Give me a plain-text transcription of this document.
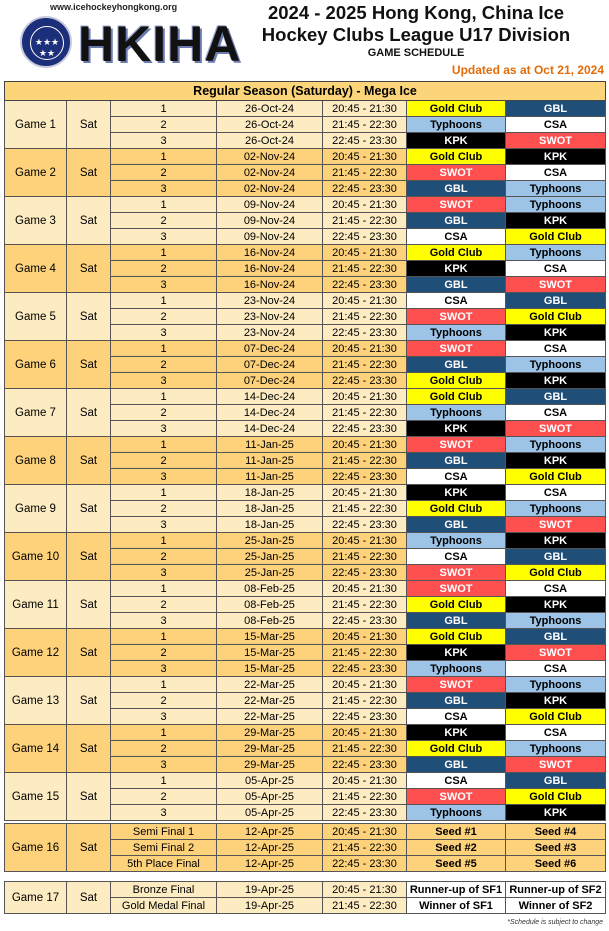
www.icehockeyhongkong.org
★★★
★★ HKIHA
2024 - 2025 Hong Kong, China Ice
Hockey Clubs League U17 Division
GAME SCHEDULE
Updated as at Oct 21, 2024
Regular Season (Saturday) - Mega Ice						
Game 1	Sat	1	26-Oct-24	20:45 - 21:30	Gold Club	GBL
		2	26-Oct-24	21:45 - 22:30	Typhoons	CSA
		3	26-Oct-24	22:45 - 23:30	KPK	SWOT
Game 2	Sat	1	02-Nov-24	20:45 - 21:30	Gold Club	KPK
		2	02-Nov-24	21:45 - 22:30	SWOT	CSA
		3	02-Nov-24	22:45 - 23:30	GBL	Typhoons
Game 3	Sat	1	09-Nov-24	20:45 - 21:30	SWOT	Typhoons
		2	09-Nov-24	21:45 - 22:30	GBL	KPK
		3	09-Nov-24	22:45 - 23:30	CSA	Gold Club
Game 4	Sat	1	16-Nov-24	20:45 - 21:30	Gold Club	Typhoons
		2	16-Nov-24	21:45 - 22:30	KPK	CSA
		3	16-Nov-24	22:45 - 23:30	GBL	SWOT
Game 5	Sat	1	23-Nov-24	20:45 - 21:30	CSA	GBL
		2	23-Nov-24	21:45 - 22:30	SWOT	Gold Club
		3	23-Nov-24	22:45 - 23:30	Typhoons	KPK
Game 6	Sat	1	07-Dec-24	20:45 - 21:30	SWOT	CSA
		2	07-Dec-24	21:45 - 22:30	GBL	Typhoons
		3	07-Dec-24	22:45 - 23:30	Gold Club	KPK
Game 7	Sat	1	14-Dec-24	20:45 - 21:30	Gold Club	GBL
		2	14-Dec-24	21:45 - 22:30	Typhoons	CSA
		3	14-Dec-24	22:45 - 23:30	KPK	SWOT
Game 8	Sat	1	11-Jan-25	20:45 - 21:30	SWOT	Typhoons
		2	11-Jan-25	21:45 - 22:30	GBL	KPK
		3	11-Jan-25	22:45 - 23:30	CSA	Gold Club
Game 9	Sat	1	18-Jan-25	20:45 - 21:30	KPK	CSA
		2	18-Jan-25	21:45 - 22:30	Gold Club	Typhoons
		3	18-Jan-25	22:45 - 23:30	GBL	SWOT
Game 10	Sat	1	25-Jan-25	20:45 - 21:30	Typhoons	KPK
		2	25-Jan-25	21:45 - 22:30	CSA	GBL
		3	25-Jan-25	22:45 - 23:30	SWOT	Gold Club
Game 11	Sat	1	08-Feb-25	20:45 - 21:30	SWOT	CSA
		2	08-Feb-25	21:45 - 22:30	Gold Club	KPK
		3	08-Feb-25	22:45 - 23:30	GBL	Typhoons
Game 12	Sat	1	15-Mar-25	20:45 - 21:30	Gold Club	GBL
		2	15-Mar-25	21:45 - 22:30	KPK	SWOT
		3	15-Mar-25	22:45 - 23:30	Typhoons	CSA
Game 13	Sat	1	22-Mar-25	20:45 - 21:30	SWOT	Typhoons
		2	22-Mar-25	21:45 - 22:30	GBL	KPK
		3	22-Mar-25	22:45 - 23:30	CSA	Gold Club
Game 14	Sat	1	29-Mar-25	20:45 - 21:30	KPK	CSA
		2	29-Mar-25	21:45 - 22:30	Gold Club	Typhoons
		3	29-Mar-25	22:45 - 23:30	GBL	SWOT
Game 15	Sat	1	05-Apr-25	20:45 - 21:30	CSA	GBL
		2	05-Apr-25	21:45 - 22:30	SWOT	Gold Club
		3	05-Apr-25	22:45 - 23:30	Typhoons	KPK
Game 16	Sat	Semi Final 1	12-Apr-25	20:45 - 21:30	Seed #1	Seed #4
		Semi Final 2	12-Apr-25	21:45 - 22:30	Seed #2	Seed #3
		5th Place Final	12-Apr-25	22:45 - 23:30	Seed #5	Seed #6
Game 17	Sat	Bronze Final	19-Apr-25	20:45 - 21:30	Runner-up of SF1	Runner-up of SF2
		Gold Medal Final	19-Apr-25	21:45 - 22:30	Winner of SF1	Winner of SF2
*Schedule is subject to change
